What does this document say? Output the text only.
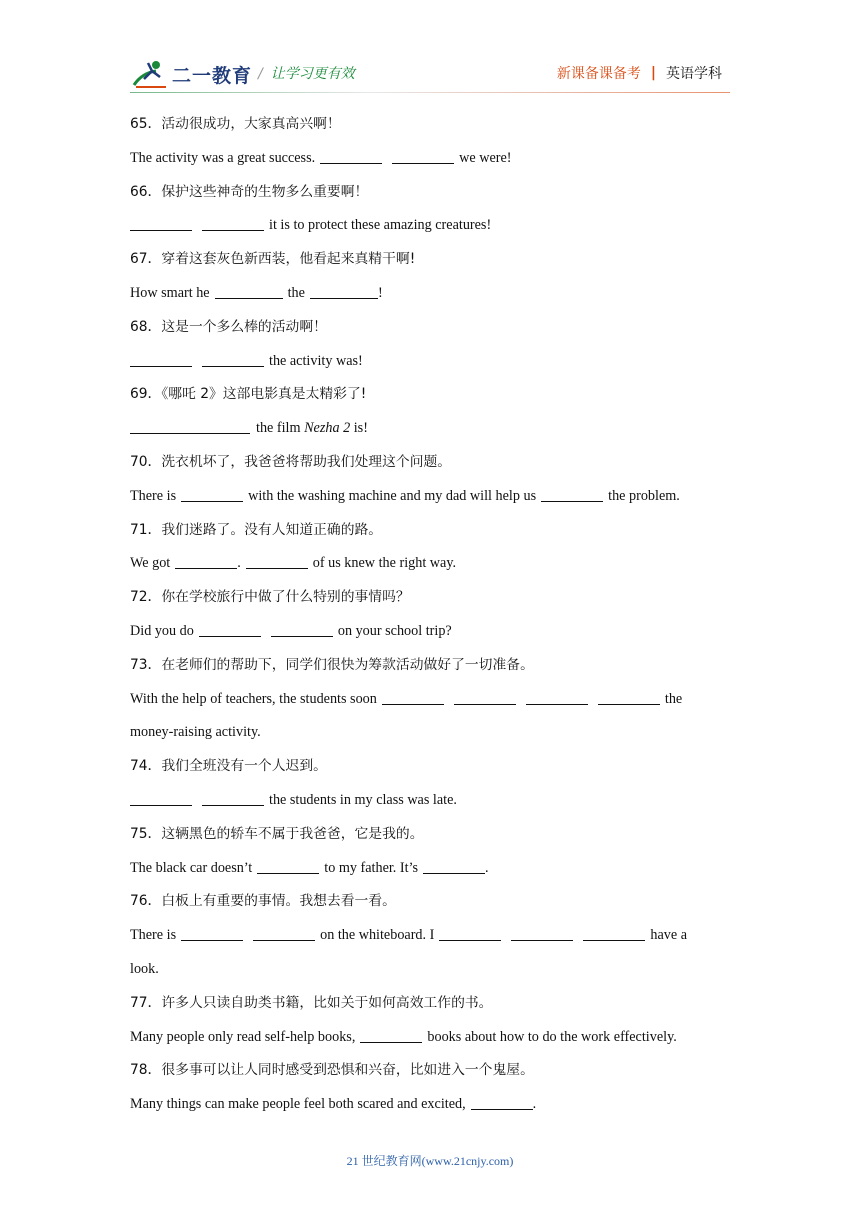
二一教育 / 让学习更有效	新课备课备考 | 英语学科
65．活动很成功，大家真高兴啊！
The activity was a great success.	we were!
66．保护这些神奇的生物多么重要啊！
it is to protect these amazing creatures!
67．穿着这套灰色新西装，他看起来真精干啊!
How smart he	the	!
68．这是一个多么棒的活动啊！
the activity was!
69．《哪吒 2》这部电影真是太精彩了!
the film Nezha 2 is!
70．洗衣机坏了，我爸爸将帮助我们处理这个问题。
There is	with the washing machine and my dad will help us	the problem.
71．我们迷路了。没有人知道正确的路。
We got	.	of us knew the right way.
72．你在学校旅行中做了什么特别的事情吗？
Did you do	on your school trip?
73．在老师们的帮助下，同学们很快为筹款活动做好了一切准备。
With the help of teachers, the students soon	the
money-raising activity.
74．我们全班没有一个人迟到。
the students in my class was late.
75．这辆黑色的轿车不属于我爸爸，它是我的。
The black car doesn’t	to my father. It’s	.
76．白板上有重要的事情。我想去看一看。
There is	on the whiteboard. I	have a
look.
77．许多人只读自助类书籍，比如关于如何高效工作的书。
Many people only read self-help books,	books about how to do the work effectively.
78．很多事可以让人同时感受到恐惧和兴奋，比如进入一个鬼屋。
Many things can make people feel both scared and excited,	.
21 世纪教育网(www.21cnjy.com)
